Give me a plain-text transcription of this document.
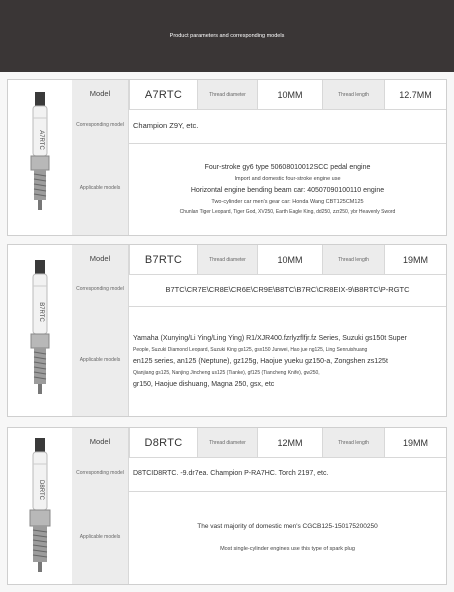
Product parameters and corresponding models
A7RTC
Model	A7RTC	Thread diameter	10MM	Thread length	12.7MM
Corresponding model	Champion Z9Y, etc.
Applicable models
Four-stroke gy6 type 50608010012SCC pedal engine
Import and domestic four-stroke engine use
Horizontal engine bending beam car: 40507090100110 engine
Two-cylinder car men's gear car: Honda Wang CBT125CM125
Chunlan Tiger Leopard, Tiger God, XV250, Earth Eagle King, dd250, zzr250, ybr Heavenly Sword
B7RTC
Model	B7RTC	Thread diameter	10MM	Thread length	19MM
Corresponding model	B7TC\CR7E\CR8E\CR6E\CR9E\B8TC\B7RC\CR8EIX-9\B8RTC\P-RGTC
Applicable models
Yamaha (Xunying/Li Ying/Ling Ying) R1/XJR400.fzrlyzflfjr.fz Series, Suzuki gs150t Super
People, Suzuki Diamond Leopard, Suzuki King gs125, gsx150 Junwei, Hao jue ng125, Ling Senruishuang
en125 series, an125 (Neptune), gz125g, Haojue yueku gz150-a, Zongshen zs125t
Qianjiang gs125, Nanjing Jincheng us125 (Tianke), gf125 (Tiancheng Knife), gw250,
gr150, Haojue dishuang, Magna 250, gsx, etc
D8RTC
Model	D8RTC	Thread diameter	12MM	Thread length	19MM
Corresponding model	D8TCID8RTC. -9.dr7ea. Champion P-RA7HC. Torch 2197, etc.
Applicable models
The vast majority of domestic men's CGCB125-150175200250
Most single-cylinder engines use this type of spark plug
